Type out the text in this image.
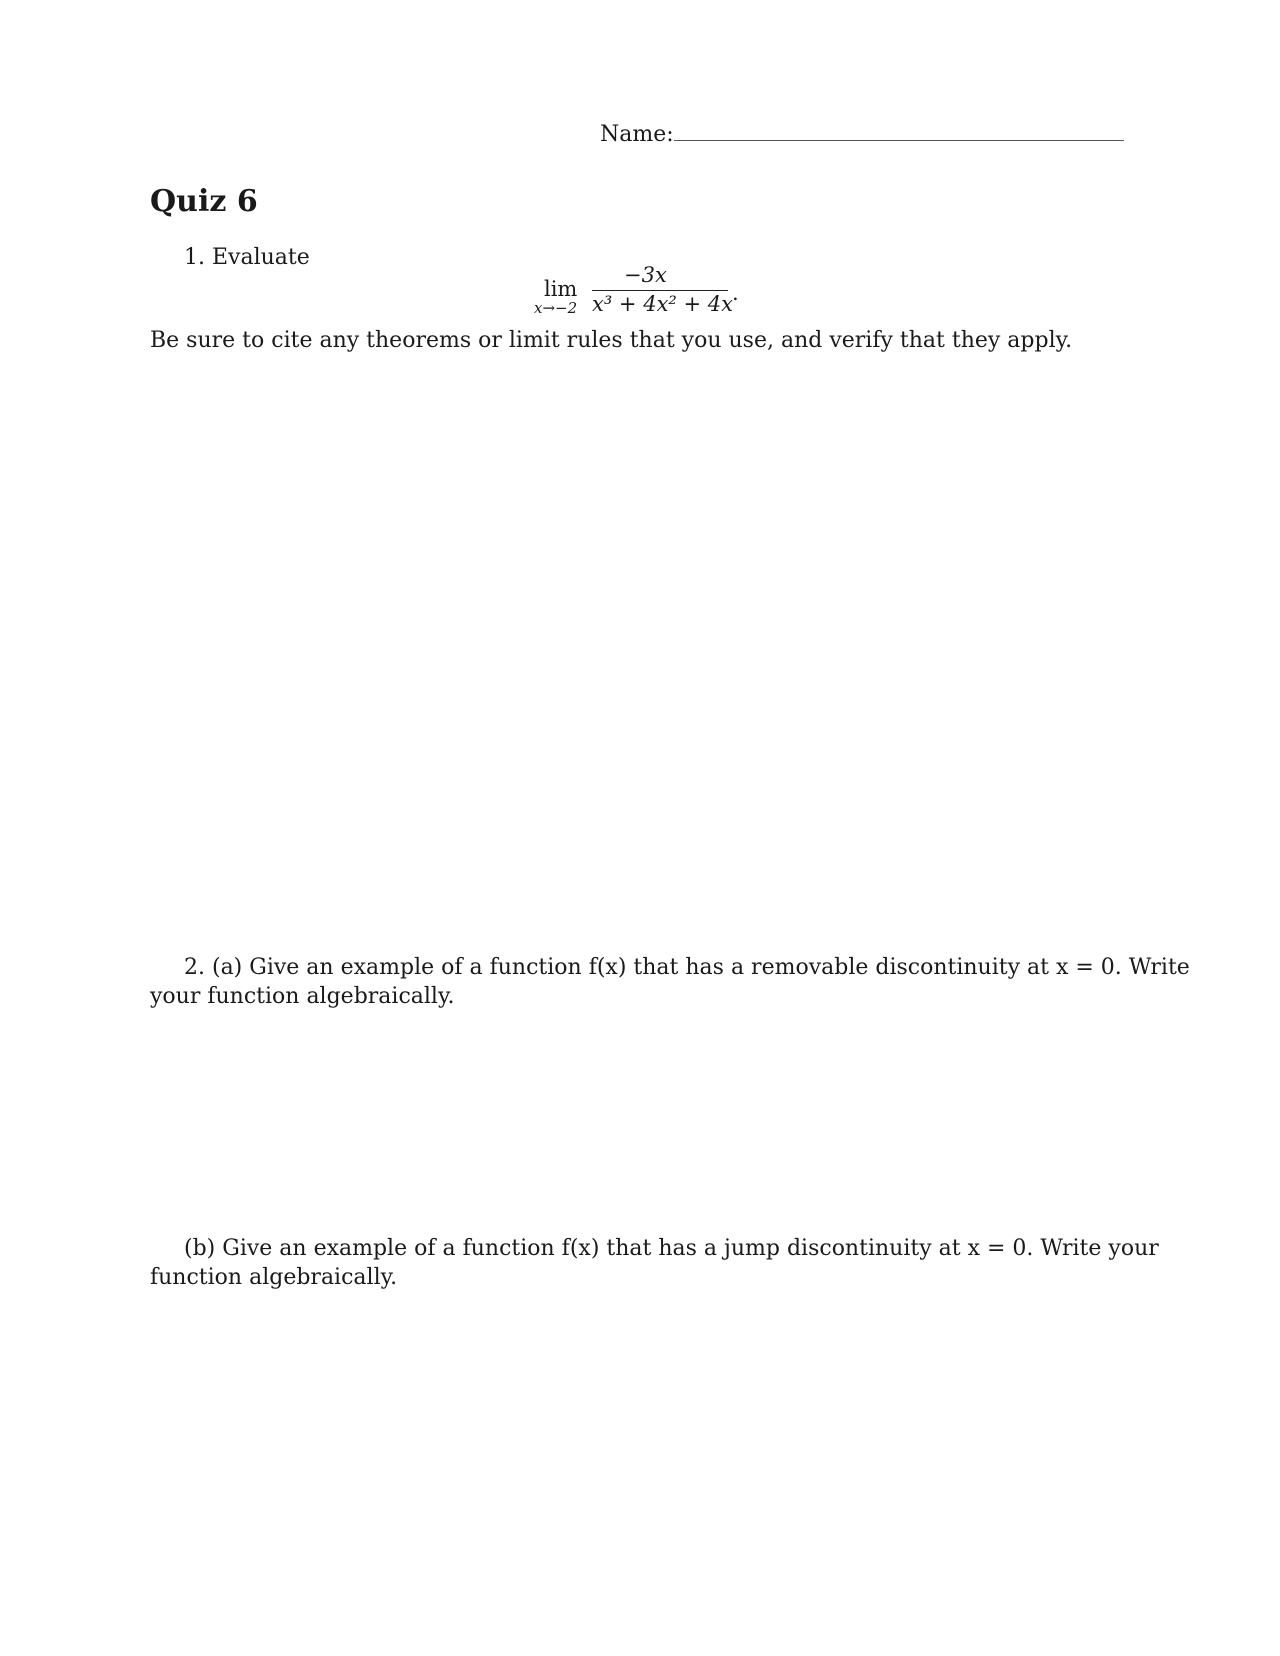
Name:
Quiz 6
1. Evaluate
lim
x→−2
−3x
x³ + 4x² + 4x .
Be sure to cite any theorems or limit rules that you use, and verify that they apply.
2. (a) Give an example of a function f(x) that has a removable discontinuity at x = 0. Write
your function algebraically.
(b) Give an example of a function f(x) that has a jump discontinuity at x = 0. Write your
function algebraically.
